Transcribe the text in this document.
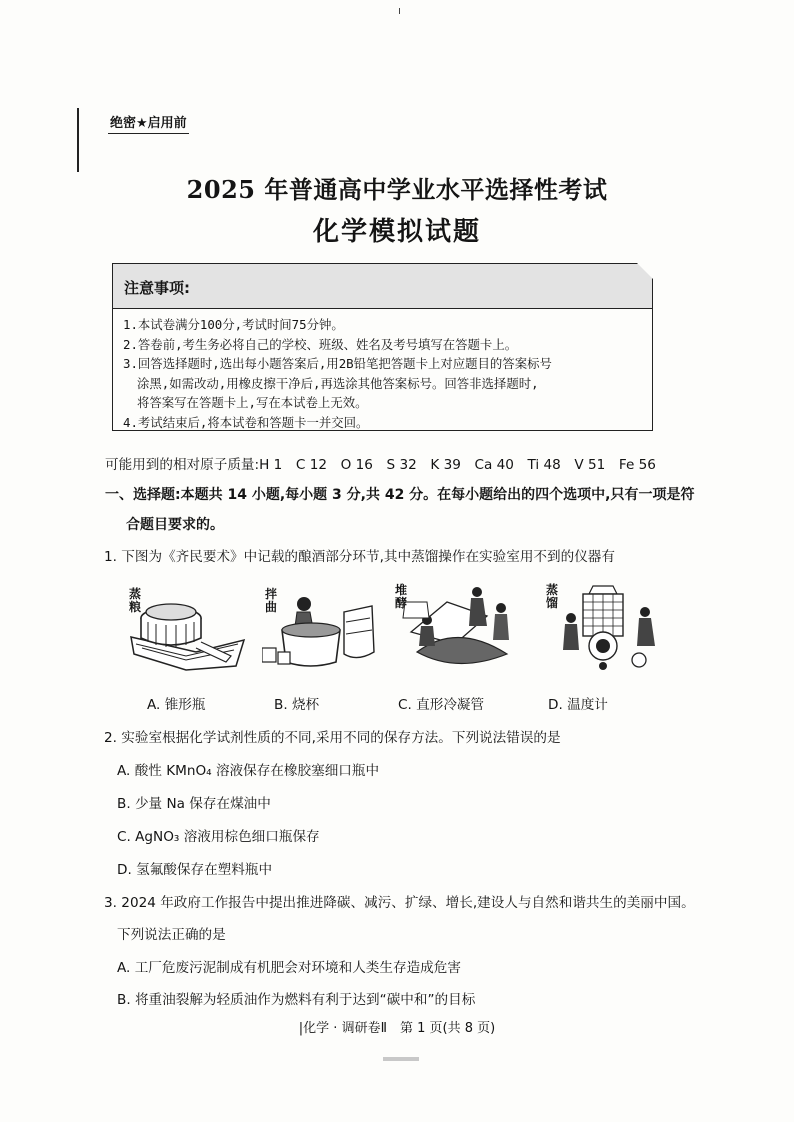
绝密★启用前
2025 年普通高中学业水平选择性考试
化学模拟试题
注意事项:
1.本试卷满分100分,考试时间75分钟。
2.答卷前,考生务必将自己的学校、班级、姓名及考号填写在答题卡上。
3.回答选择题时,选出每小题答案后,用2B铅笔把答题卡上对应题目的答案标号
涂黑,如需改动,用橡皮擦干净后,再选涂其他答案标号。回答非选择题时,
将答案写在答题卡上,写在本试卷上无效。
4.考试结束后,将本试卷和答题卡一并交回。
可能用到的相对原子质量:H 1　C 12　O 16　S 32　K 39　Ca 40　Ti 48　V 51　Fe 56
一、选择题:本题共 14 小题,每小题 3 分,共 42 分。在每小题给出的四个选项中,只有一项是符
合题目要求的。
1. 下图为《齐民要术》中记载的酿酒部分环节,其中蒸馏操作在实验室用不到的仪器有
蒸粮
拌曲
堆酵
蒸馏
A. 锥形瓶	B. 烧杯	C. 直形冷凝管	D. 温度计
2. 实验室根据化学试剂性质的不同,采用不同的保存方法。下列说法错误的是
A. 酸性 KMnO₄ 溶液保存在橡胶塞细口瓶中
B. 少量 Na 保存在煤油中
C. AgNO₃ 溶液用棕色细口瓶保存
D. 氢氟酸保存在塑料瓶中
3. 2024 年政府工作报告中提出推进降碳、减污、扩绿、增长,建设人与自然和谐共生的美丽中国。
下列说法正确的是
A. 工厂危废污泥制成有机肥会对环境和人类生存造成危害
B. 将重油裂解为轻质油作为燃料有利于达到“碳中和”的目标
|化学 · 调研卷Ⅱ　第 1 页(共 8 页)
